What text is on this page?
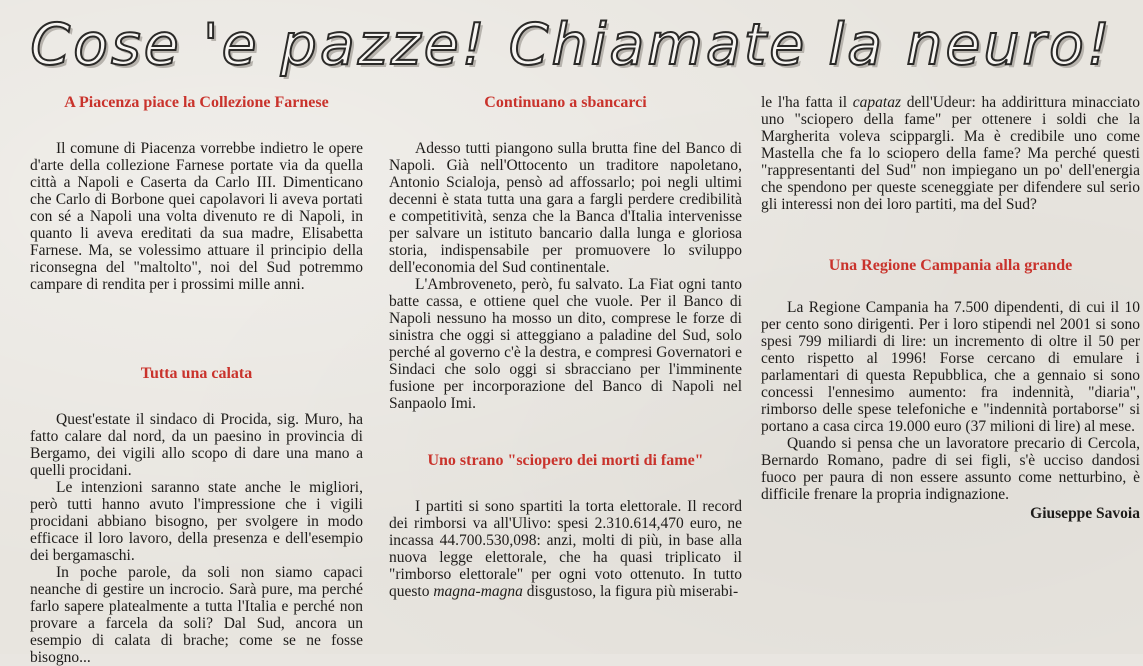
Cose 'e pazze! Chiamate la neuro!
A Piacenza piace la Collezione Farnese

Il comune di Piacenza vorrebbe indietro le opere d'arte della collezione Farnese portate via da quella città a Napoli e Caserta da Carlo III. Dimenticano che Carlo di Borbone quei capolavori li aveva portati con sé a Napoli una volta divenuto re di Napoli, in quanto li aveva ereditati da sua madre, Elisabetta Farnese. Ma, se volessimo attuare il principio della riconsegna del "maltolto", noi del Sud potremmo campare di rendita per i prossimi mille anni.

Tutta una calata

Quest'estate il sindaco di Procida, sig. Muro, ha fatto calare dal nord, da un paesino in provincia di Bergamo, dei vigili allo scopo di dare una mano a quelli procidani.

Le intenzioni saranno state anche le migliori, però tutti hanno avuto l'impressione che i vigili procidani abbiano bisogno, per svolgere in modo efficace il loro lavoro, della presenza e dell'esempio dei bergamaschi.

In poche parole, da soli non siamo capaci neanche di gestire un incrocio. Sarà pure, ma perché farlo sapere platealmente a tutta l'Italia e perché non provare a farcela da soli? Dal Sud, ancora un esempio di calata di brache; come se ne fosse bisogno...

Continuano a sbancarci

Adesso tutti piangono sulla brutta fine del Banco di Napoli. Già nell'Ottocento un traditore napoletano, Antonio Scialoja, pensò ad affossarlo; poi negli ultimi decenni è stata tutta una gara a fargli perdere credibilità e competitività, senza che la Banca d'Italia intervenisse per salvare un istituto bancario dalla lunga e gloriosa storia, indispensabile per promuovere lo sviluppo dell'economia del Sud continentale.

L'Ambroveneto, però, fu salvato. La Fiat ogni tanto batte cassa, e ottiene quel che vuole. Per il Banco di Napoli nessuno ha mosso un dito, comprese le forze di sinistra che oggi si atteggiano a paladine del Sud, solo perché al governo c'è la destra, e compresi Governatori e Sindaci che solo oggi si sbracciano per l'imminente fusione per incorporazione del Banco di Napoli nel Sanpaolo Imi.

Uno strano "sciopero dei morti di fame"

I partiti si sono spartiti la torta elettorale. Il record dei rimborsi va all'Ulivo: spesi 2.310.614,470 euro, ne incassa 44.700.530,098: anzi, molti di più, in base alla nuova legge elettorale, che ha quasi triplicato il "rimborso elettorale" per ogni voto ottenuto. In tutto questo magna-magna disgustoso, la figura più miserabi-

le l'ha fatta il capataz dell'Udeur: ha addirittura minacciato uno "sciopero della fame" per ottenere i soldi che la Margherita voleva scippargli. Ma è credibile uno come Mastella che fa lo sciopero della fame? Ma perché questi "rappresentanti del Sud" non impiegano un po' dell'energia che spendono per queste sceneggiate per difendere sul serio gli interessi non dei loro partiti, ma del Sud?

Una Regione Campania alla grande

La Regione Campania ha 7.500 dipendenti, di cui il 10 per cento sono dirigenti. Per i loro stipendi nel 2001 si sono spesi 799 miliardi di lire: un incremento di oltre il 50 per cento rispetto al 1996! Forse cercano di emulare i parlamentari di questa Repubblica, che a gennaio si sono concessi l'ennesimo aumento: fra indennità, "diaria", rimborso delle spese telefoniche e "indennità portaborse" si portano a casa circa 19.000 euro (37 milioni di lire) al mese.

Quando si pensa che un lavoratore precario di Cercola, Bernardo Romano, padre di sei figli, s'è ucciso dandosi fuoco per paura di non essere assunto come netturbino, è difficile frenare la propria indignazione.

Giuseppe Savoia
